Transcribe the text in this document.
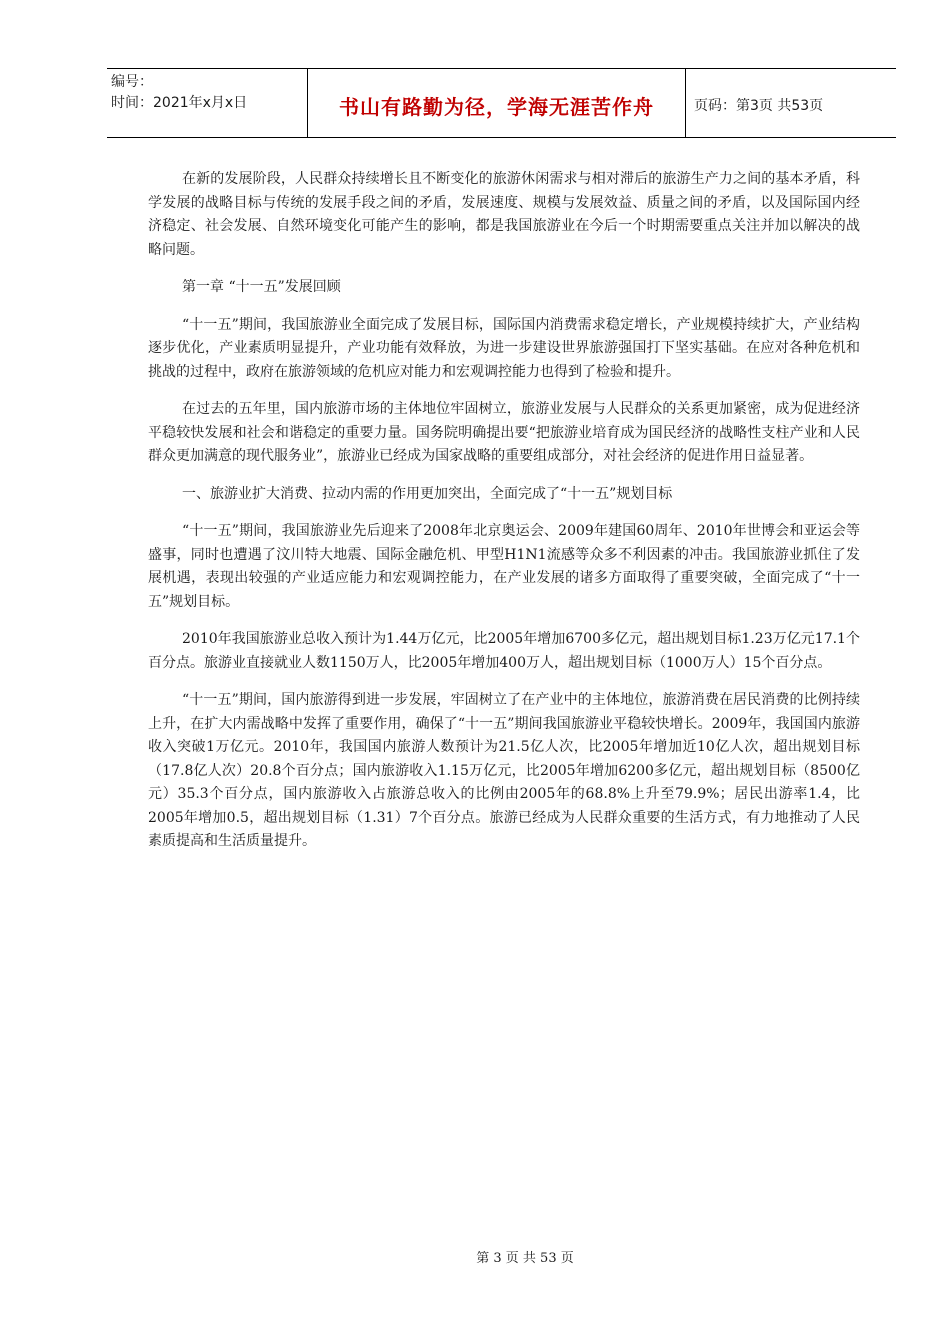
编号：
时间：2021年x月x日	书山有路勤为径，学海无涯苦作舟	页码：第3页 共53页

在新的发展阶段，人民群众持续增长且不断变化的旅游休闲需求与相对滞后的旅游生产力之间的基本矛盾，科学发展的战略目标与传统的发展手段之间的矛盾，发展速度、规模与发展效益、质量之间的矛盾，以及国际国内经济稳定、社会发展、自然环境变化可能产生的影响，都是我国旅游业在今后一个时期需要重点关注并加以解决的战略问题。

第一章 “十一五”发展回顾

“十一五”期间，我国旅游业全面完成了发展目标，国际国内消费需求稳定增长，产业规模持续扩大，产业结构逐步优化，产业素质明显提升，产业功能有效释放，为进一步建设世界旅游强国打下坚实基础。在应对各种危机和挑战的过程中，政府在旅游领域的危机应对能力和宏观调控能力也得到了检验和提升。

在过去的五年里，国内旅游市场的主体地位牢固树立，旅游业发展与人民群众的关系更加紧密，成为促进经济平稳较快发展和社会和谐稳定的重要力量。国务院明确提出要“把旅游业培育成为国民经济的战略性支柱产业和人民群众更加满意的现代服务业”，旅游业已经成为国家战略的重要组成部分，对社会经济的促进作用日益显著。

一、旅游业扩大消费、拉动内需的作用更加突出，全面完成了“十一五”规划目标

“十一五”期间，我国旅游业先后迎来了2008年北京奥运会、2009年建国60周年、2010年世博会和亚运会等盛事，同时也遭遇了汶川特大地震、国际金融危机、甲型H1N1流感等众多不利因素的冲击。我国旅游业抓住了发展机遇，表现出较强的产业适应能力和宏观调控能力，在产业发展的诸多方面取得了重要突破，全面完成了“十一五”规划目标。

2010年我国旅游业总收入预计为1.44万亿元，比2005年增加6700多亿元，超出规划目标1.23万亿元17.1个百分点。旅游业直接就业人数1150万人，比2005年增加400万人，超出规划目标（1000万人）15个百分点。

“十一五”期间，国内旅游得到进一步发展，牢固树立了在产业中的主体地位，旅游消费在居民消费的比例持续上升，在扩大内需战略中发挥了重要作用，确保了“十一五”期间我国旅游业平稳较快增长。2009年，我国国内旅游收入突破1万亿元。2010年，我国国内旅游人数预计为21.5亿人次，比2005年增加近10亿人次，超出规划目标（17.8亿人次）20.8个百分点；国内旅游收入1.15万亿元，比2005年增加6200多亿元，超出规划目标（8500亿元）35.3个百分点，国内旅游收入占旅游总收入的比例由2005年的68.8%上升至79.9%；居民出游率1.4，比2005年增加0.5，超出规划目标（1.31）7个百分点。旅游已经成为人民群众重要的生活方式，有力地推动了人民素质提高和生活质量提升。

第 3 页 共 53 页
